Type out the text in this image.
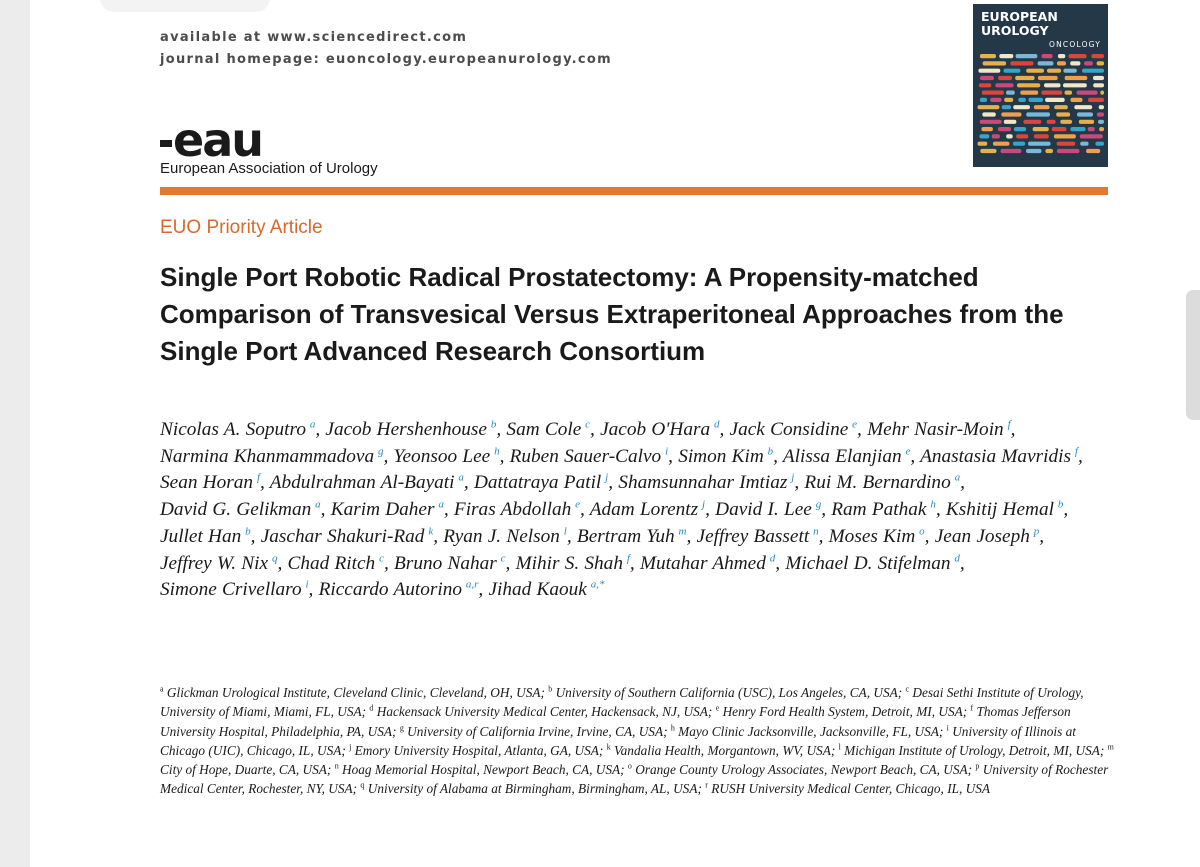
available at www.sciencedirect.com
journal homepage: euoncology.europeanurology.com
eau
European Association of Urology
EUROPEAN
UROLOGY
ONCOLOGY
EUO Priority Article
Single Port Robotic Radical Prostatectomy: A Propensity-matched Comparison of Transvesical Versus Extraperitoneal Approaches from the Single Port Advanced Research Consortium

Nicolas A. Soputro  $^a$, Jacob Hershenhouse  $^b$, Sam Cole  $^c$, Jacob O'Hara  $^d$, Jack Considine  $^e$, Mehr Nasir-Moin  $^f$, Narmina Khanmammadova  $^g$, Yeonsoo Lee  $^h$, Ruben Sauer-Calvo  $^i$, Simon Kim  $^b$, Alissa Elanjian  $^e$, Anastasia Mavridis  $^f$, Sean Horan  $^f$, Abdulrahman Al-Bayati  $^a$, Dattatraya Patil  $^j$, Shamsunnahar Imtiaz  $^j$, Rui M. Bernardino  $^a$, David G. Gelikman  $^a$, Karim Daher  $^a$, Firas Abdollah  $^e$, Adam Lorentz  $^j$, David I. Lee  $^g$, Ram Pathak  $^h$, Kshitij Hemal  $^b$, Jullet Han  $^b$, Jaschar Shakuri-Rad  $^k$, Ryan J. Nelson  $^l$, Bertram Yuh  $^m$, Jeffrey Bassett  $^n$, Moses Kim  $^o$, Jean Joseph  $^p$, Jeffrey W. Nix  $^q$, Chad Ritch  $^c$, Bruno Nahar  $^c$, Mihir S. Shah  $^f$, Mutahar Ahmed  $^d$, Michael D. Stifelman  $^d$, Simone Crivellaro  $^i$, Riccardo Autorino  $^{a,r}$, Jihad Kaouk  $^{a,*}$

$^a$ Glickman Urological Institute, Cleveland Clinic, Cleveland, OH, USA; $^b$ University of Southern California (USC), Los Angeles, CA, USA; $^c$ Desai Sethi Institute of Urology, University of Miami, Miami, FL, USA; $^d$ Hackensack University Medical Center, Hackensack, NJ, USA; $^e$ Henry Ford Health System, Detroit, MI, USA; $^f$ Thomas Jefferson University Hospital, Philadelphia, PA, USA; $^g$ University of California Irvine, Irvine, CA, USA; $^h$ Mayo Clinic Jacksonville, Jacksonville, FL, USA; $^i$ University of Illinois at Chicago (UIC), Chicago, IL, USA; $^j$ Emory University Hospital, Atlanta, GA, USA; $^k$ Vandalia Health, Morgantown, WV, USA; $^l$ Michigan Institute of Urology, Detroit, MI, USA; $^m$ City of Hope, Duarte, CA, USA; $^n$ Hoag Memorial Hospital, Newport Beach, CA, USA; $^o$ Orange County Urology Associates, Newport Beach, CA, USA; $^p$ University of Rochester Medical Center, Rochester, NY, USA; $^q$ University of Alabama at Birmingham, Birmingham, AL, USA; $^r$ RUSH University Medical Center, Chicago, IL, USA
